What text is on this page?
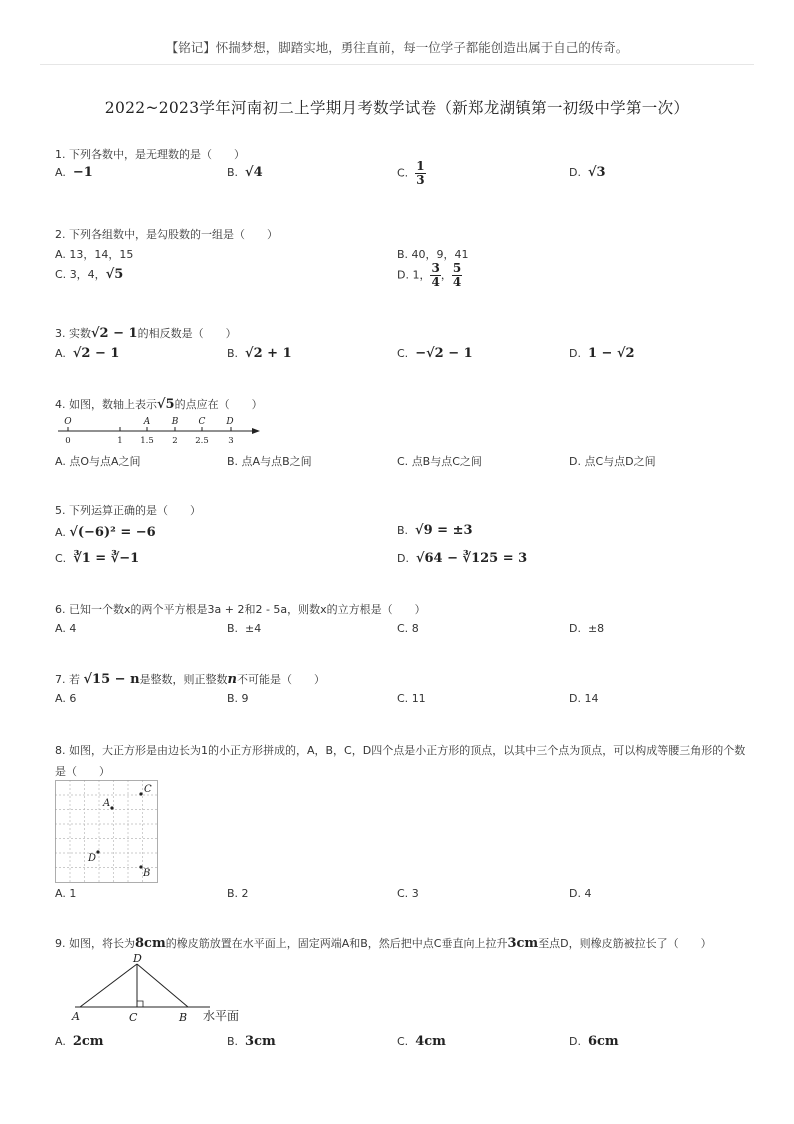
【铭记】怀揣梦想，脚踏实地，勇往直前，每一位学子都能创造出属于自己的传奇。
2022~2023学年河南初二上学期月考数学试卷（新郑龙湖镇第一初级中学第一次）
1. 下列各数中，是无理数的是（　　）
A. −1	B. √4	C. $\frac{1}{3}$	D. √3
2. 下列各组数中，是勾股数的一组是（　　）
A. 13，14，15	B. 40，9，41
C. 3，4，√5	D. 1， $\frac{3}{4}$ ， $\frac{5}{4}$
3. 实数√2 − 1的相反数是（　　）
A. √2 − 1	B. √2 + 1	C. −√2 − 1	D. 1 − √2
4. 如图，数轴上表示√5的点应在（　　）
O	A B C D
0	1 1.5 2 2.5 3
A. 点O与点A之间	B. 点A与点B之间	C. 点B与点C之间	D. 点C与点D之间
5. 下列运算正确的是（　　）
A. √(−6)² = −6	B. √9 = ±3
C. ∛1 = ∛−1	D. √64 − ∛125 = 3
6. 已知一个数x的两个平方根是3a + 2和2 - 5a，则数x的立方根是（　　）
A. 4	B. ±4	C. 8	D. ±8
7. 若 √15 − n是整数，则正整数n不可能是（　　）
A. 6	B. 9	C. 11	D. 14
8. 如图，大正方形是由边长为1的小正方形拼成的，A，B，C，D四个点是小正方形的顶点，以其中三个点为顶点，可以构成等腰三角形的个数
是（　　）
A
B
C
D
A. 1	B. 2	C. 3	D. 4
9. 如图，将长为8cm的橡皮筋放置在水平面上，固定两端A和B，然后把中点C垂直向上拉升3cm至点D，则橡皮筋被拉长了（　　）
D
A	C	B 水平面
A. 2cm	B. 3cm	C. 4cm	D. 6cm
